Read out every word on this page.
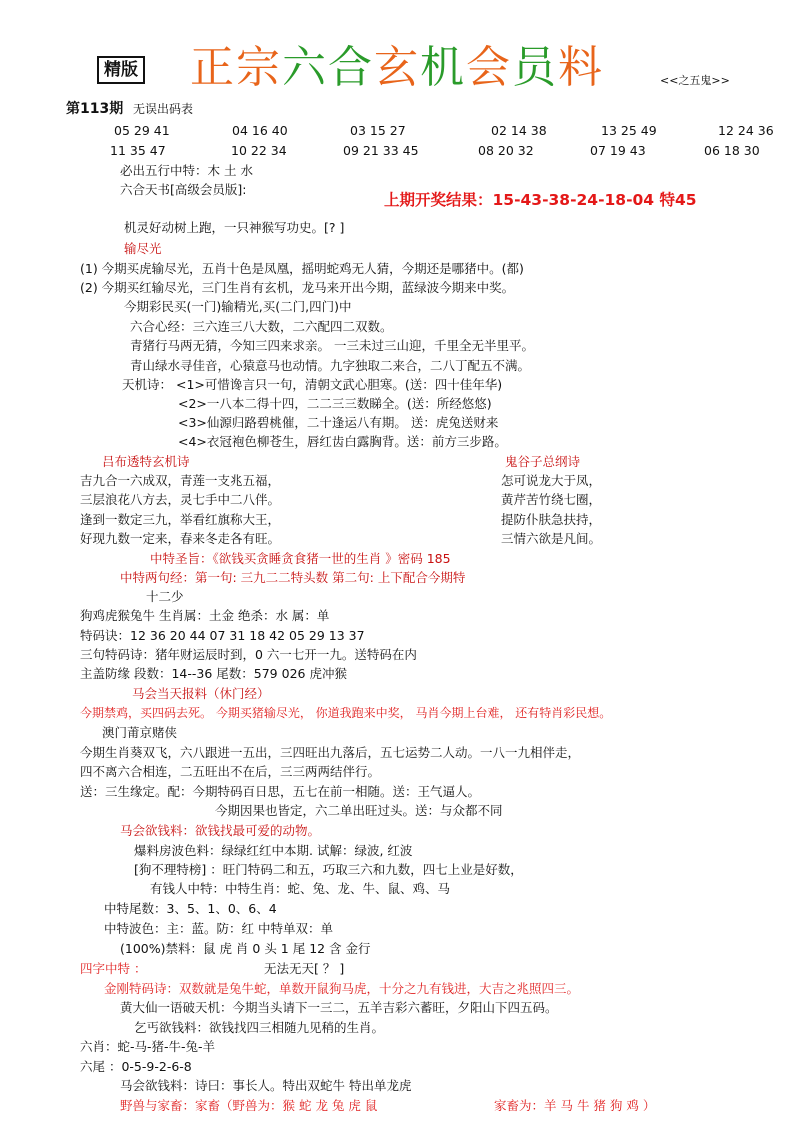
精版 正宗六合玄机会员料	<<之五鬼>>
第113期 无误出码表
05 29 41	04 16 40	03 15 27	02 14 38	13 25 49	12 24 36
11 35 47	10 22 34	09 21 33 45	08 20 32	07 19 43	06 18 30
必出五行中特：木 土 水
六合天书[高级会员版]:
上期开奖结果：15-43-38-24-18-04 特45
机灵好动树上跑，一只神猴写功史。[? ]
输尽光
(1) 今期买虎输尽光，五肖十色是凤凰，摇明蛇鸡无人猜，今期还是哪猪中。(都)
(2) 今期买红输尽光，三门生肖有玄机，龙马来开出今期，蓝绿波今期来中奖。
今期彩民买(一门)输精光,买(二门,四门)中
六合心经：三六连三八大数，二六配四二双数。
青猪行马两无猜，今知三四来求亲。 一三未过三山迎，千里全无半里平。
青山绿水寻佳音，心猿意马也动情。九字独取二来合，二八丁配五不满。
天机诗： <1>可惜谗言只一句，清朝文武心胆寒。(送：四十佳年华)
<2>一八本二得十四，二二三三数睇全。(送：所经悠悠)
<3>仙源归路碧桃催，二十逢运八有期。 送：虎兔送财来
<4>衣冠袍色柳苍生，唇红齿白露胸背。送：前方三步路。
吕布透特玄机诗	鬼谷子总纲诗
吉九合一六成双，青莲一支兆五福，	怎可说龙大于凤，
三层浪花八方去，灵七手中二八伴。	黄芹苦竹绕七圈，
逢到一数定三九，举看红旗称大王，	提防仆肤急扶持，
好现九数一定来，春来冬走各有旺。	三情六欲是凡间。
中特圣旨：《欲钱买贪睡贪食猪一世的生肖 》密码 185
中特两句经：第一句: 三九二二特头数 第二句: 上下配合今期特
十二少
狗鸡虎猴兔牛 生肖属：土金 绝杀：水 属：单
特码诀：12 36 20 44 07 31 18 42 05 29 13 37
三句特码诗：猪年财运辰时到，0 六一七开一九。送特码在内
主盖防缘 段数：14--36 尾数：579 026 虎冲猴
马会当天报料（休门经）
今期禁鸡，买四码去死。 今期买猪输尽光， 你道我跑来中奖， 马肖今期上台难， 还有特肖彩民想。
澳门莆京赌侠
今期生肖葵双飞，六八跟进一五出，三四旺出九落后，五七运势二人动。一八一九相伴走，
四不离六合相连，二五旺出不在后，三三两两结伴行。
送：三生缘定。配：今期特码百日思，五七在前一相随。送：王气逼人。
今期因果也皆定，六二单出旺过头。送：与众都不同
马会欲钱料：欲钱找最可爱的动物。
爆料房波色料：绿绿红红中本期. 试解：绿波, 红波
[狗不理特榜] ：旺门特码二和五，巧取三六和九数，四七上业是好数，
有钱人中特：中特生肖：蛇、兔、龙、牛、鼠、鸡、马
中特尾数：3、5、1、0、6、4
中特波色：主：蓝。防：红 中特单双：单
(100%)禁料：鼠 虎 肖 0 头 1 尾 12 含 金行
四字中特 ：	无法无天[ ？ ]
金刚特码诗：双数就是兔牛蛇，单数开鼠狗马虎，十分之九有钱进，大吉之兆照四三。
黄大仙一语破天机：今期当头请下一三二，五羊吉彩六蓄旺，夕阳山下四五码。
乞丐欲钱料：欲钱找四三相随九见稍的生肖。
六肖：蛇-马-猪-牛-兔-羊
六尾 ：0-5-9-2-6-8
马会欲钱料：诗曰：事长人。特出双蛇牛 特出单龙虎
野兽与家畜：家畜（野兽为：猴 蛇 龙 兔 虎 鼠	家畜为：羊 马 牛 猪 狗 鸡 ）
